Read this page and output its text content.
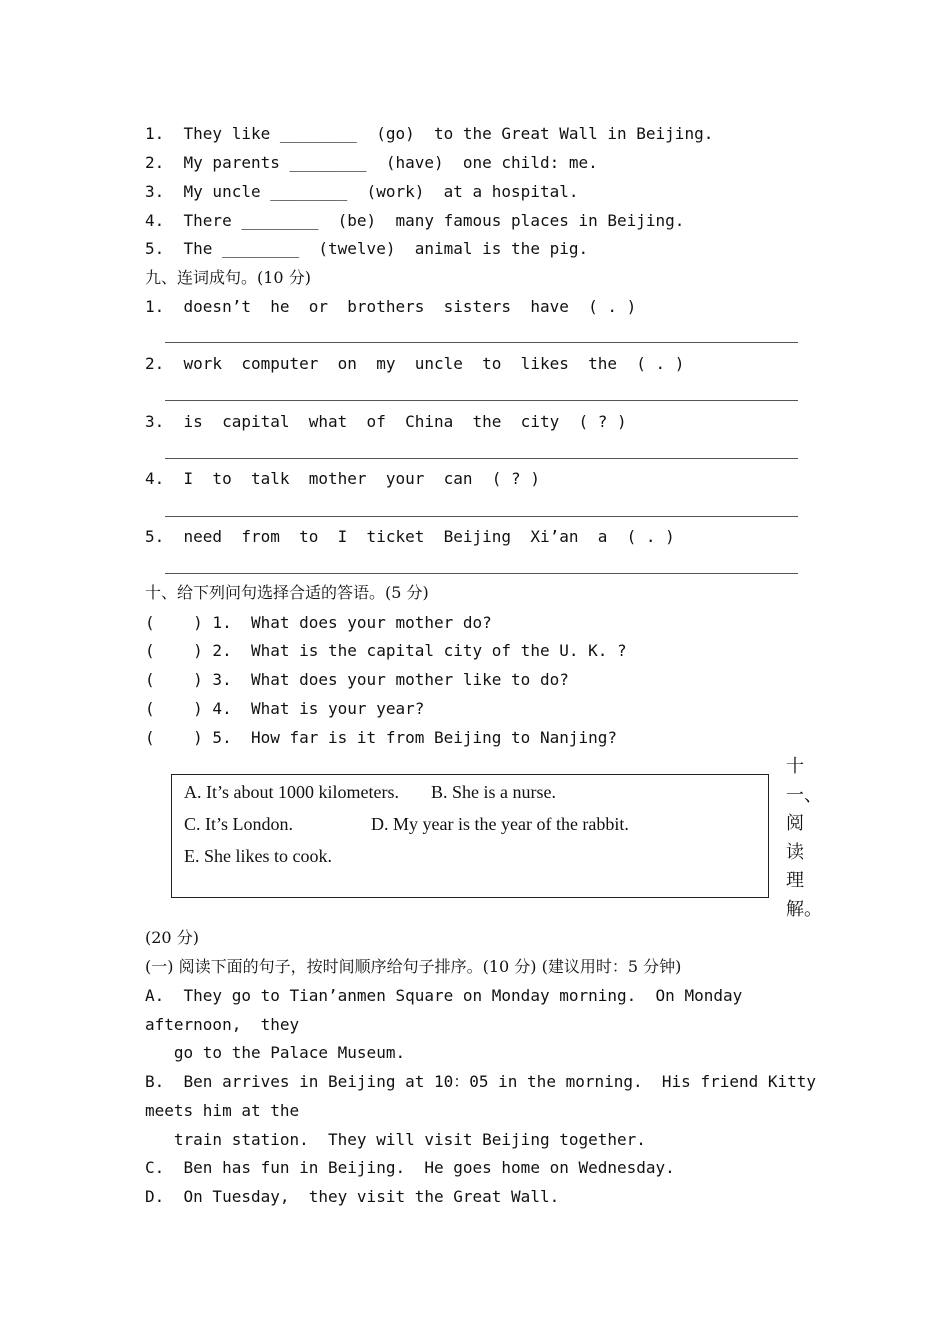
1.  They like ________  (go)  to the Great Wall in Beijing.
2.  My parents ________  (have)  one child: me.
3.  My uncle ________  (work)  at a hospital.
4.  There ________  (be)  many famous places in Beijing.
5.  The ________  (twelve)  animal is the pig.
九、连词成句。(10 分)
1.  doesn’t  he  or  brothers  sisters  have  ( . )
2.  work  computer  on  my  uncle  to  likes  the  ( . )
3.  is  capital  what  of  China  the  city  ( ? )
4.  I  to  talk  mother  your  can  ( ? )
5.  need  from  to  I  ticket  Beijing  Xi’an  a  ( . )
十、给下列问句选择合适的答语。(5 分)
(    ) 1.  What does your mother do?
(    ) 2.  What is the capital city of the U. K. ?
(    ) 3.  What does your mother like to do?
(    ) 4.  What is your year?
(    ) 5.  How far is it from Beijing to Nanjing?
A. It’s about 1000 kilometers. B. She is a nurse.
C. It’s London.	D. My year is the year of the rabbit.
E. She likes to cook.
十
一、
阅
读
理
解。
(20 分)
(一) 阅读下面的句子，按时间顺序给句子排序。(10 分) (建议用时：5 分钟)
A.  They go to Tian’anmen Square on Monday morning.  On Monday
afternoon,  they
go to the Palace Museum.
B.  Ben arrives in Beijing at 10：05 in the morning.  His friend Kitty
meets him at the
train station.  They will visit Beijing together.
C.  Ben has fun in Beijing.  He goes home on Wednesday.
D.  On Tuesday,  they visit the Great Wall.
